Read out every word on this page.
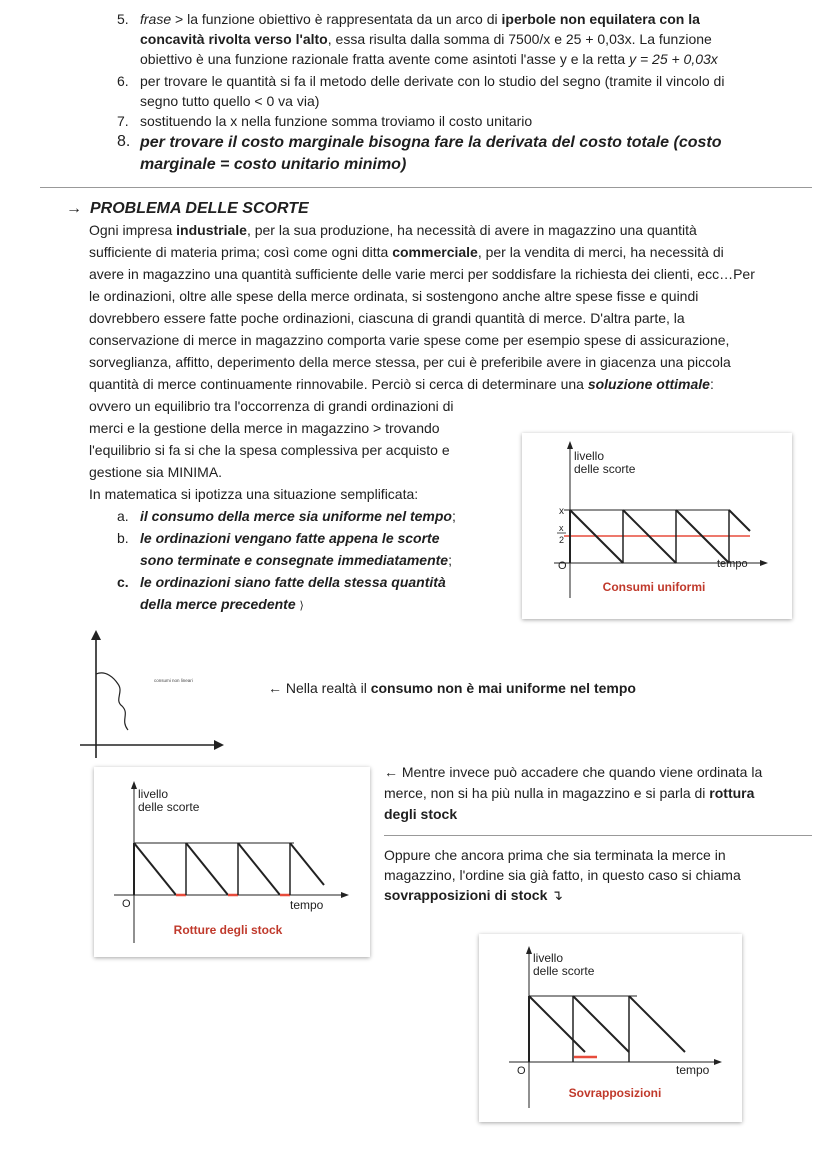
5. frase > la funzione obiettivo è rappresentata da un arco di iperbole non equilatera con la
concavità rivolta verso l'alto, essa risulta dalla somma di 7500/x e 25 + 0,03x. La funzione
obiettivo è una funzione razionale fratta avente come asintoti l'asse y e la retta y = 25 + 0,03x
6. per trovare le quantità si fa il metodo delle derivate con lo studio del segno (tramite il vincolo di
segno tutto quello < 0 va via)
7. sostituendo la x nella funzione somma troviamo il costo unitario
8. per trovare il costo marginale bisogna fare la derivata del costo totale (costo
marginale = costo unitario minimo)
→ PROBLEMA DELLE SCORTE
Ogni impresa industriale, per la sua produzione, ha necessità di avere in magazzino una quantità
sufficiente di materia prima; così come ogni ditta commerciale, per la vendita di merci, ha necessità di
avere in magazzino una quantità sufficiente delle varie merci per soddisfare la richiesta dei clienti, ecc…Per
le ordinazioni, oltre alle spese della merce ordinata, si sostengono anche altre spese fisse e quindi
dovrebbero essere fatte poche ordinazioni, ciascuna di grandi quantità di merce. D'altra parte, la
conservazione di merce in magazzino comporta varie spese come per esempio spese di assicurazione,
sorveglianza, affitto, deperimento della merce stessa, per cui è preferibile avere in giacenza una piccola
quantità di merce continuamente rinnovabile. Perciò si cerca di determinare una soluzione ottimale:
ovvero un equilibrio tra l'occorrenza di grandi ordinazioni di
merci e la gestione della merce in magazzino > trovando
l'equilibrio si fa si che la spesa complessiva per acquisto e
gestione sia MINIMA.
In matematica si ipotizza una situazione semplificata:
a. il consumo della merce sia uniforme nel tempo;
b. le ordinazioni vengano fatte appena le scorte
sono terminate e consegnate immediatamente;
c. le ordinazioni siano fatte della stessa quantità
della merce precedente ⟩
livello
delle scorte
x
x
2
O	tempo
Consumi uniformi
consumi non lineari	← Nella realtà il consumo non è mai uniforme nel tempo
livello
delle scorte
O	tempo
Rotture degli stock
← Mentre invece può accadere che quando viene ordinata la
merce, non si ha più nulla in magazzino e si parla di rottura
degli stock
Oppure che ancora prima che sia terminata la merce in
magazzino, l'ordine sia già fatto, in questo caso si chiama
sovrapposizioni di stock ↴
livello
delle scorte
O	tempo
Sovrapposizioni
